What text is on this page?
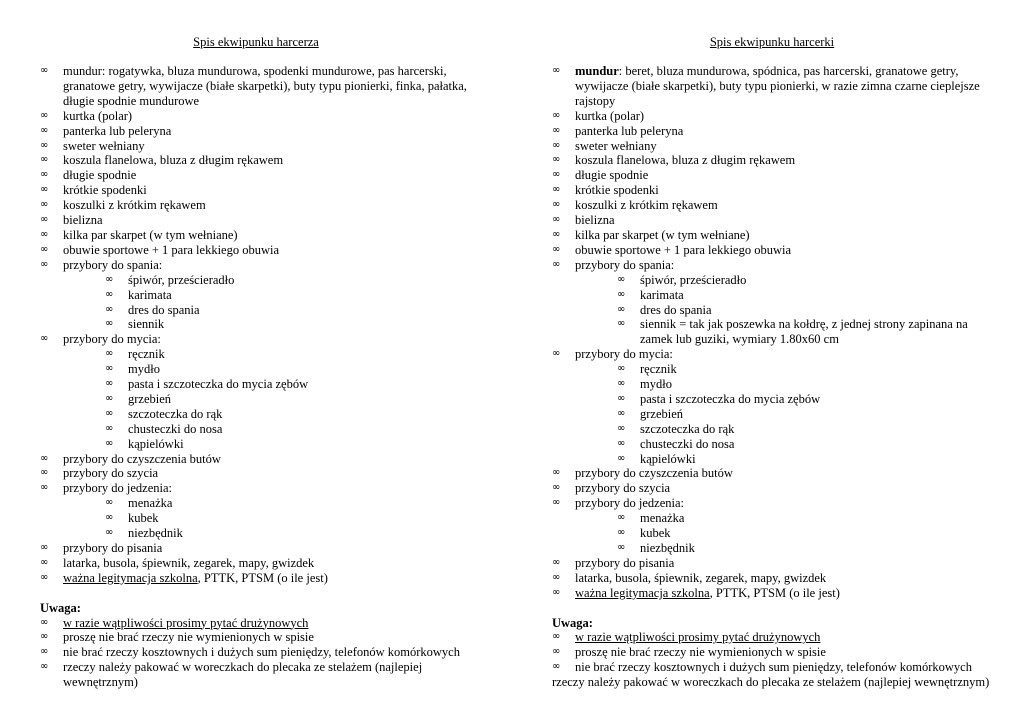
Spis ekwipunku harcerza
∞ mundur: rogatywka, bluza mundurowa, spodenki mundurowe, pas harcerski, granatowe getry, wywijacze (białe skarpetki), buty typu pionierki, finka, pałatka, długie spodnie mundurowe
∞ kurtka (polar)
∞ panterka lub peleryna
∞ sweter wełniany
∞ koszula flanelowa, bluza z długim rękawem
∞ długie spodnie
∞ krótkie spodenki
∞ koszulki z krótkim rękawem
∞ bielizna
∞ kilka par skarpet (w tym wełniane)
∞ obuwie sportowe + 1 para lekkiego obuwia
∞ przybory do spania:
∞ śpiwór, prześcieradło
∞ karimata
∞ dres do spania
∞ siennik
∞ przybory do mycia:
∞ ręcznik
∞ mydło
∞ pasta i szczoteczka do mycia zębów
∞ grzebień
∞ szczoteczka do rąk
∞ chusteczki do nosa
∞ kąpielówki
∞ przybory do czyszczenia butów
∞ przybory do szycia
∞ przybory do jedzenia:
∞ menażka
∞ kubek
∞ niezbędnik
∞ przybory do pisania
∞ latarka, busola, śpiewnik, zegarek, mapy, gwizdek
∞ ważna legitymacja szkolna, PTTK, PTSM (o ile jest)
Uwaga:
∞ w razie wątpliwości prosimy pytać drużynowych
∞ proszę nie brać rzeczy nie wymienionych w spisie
∞ nie brać rzeczy kosztownych i dużych sum pieniędzy, telefonów komórkowych
∞ rzeczy należy pakować w woreczkach do plecaka ze stelażem (najlepiej wewnętrznym)
Spis ekwipunku harcerki
∞ mundur: beret, bluza mundurowa, spódnica, pas harcerski, granatowe getry, wywijacze (białe skarpetki), buty typu pionierki, w razie zimna czarne cieplejsze rajstopy
∞ kurtka (polar)
∞ panterka lub peleryna
∞ sweter wełniany
∞ koszula flanelowa, bluza z długim rękawem
∞ długie spodnie
∞ krótkie spodenki
∞ koszulki z krótkim rękawem
∞ bielizna
∞ kilka par skarpet (w tym wełniane)
∞ obuwie sportowe + 1 para lekkiego obuwia
∞ przybory do spania:
∞ śpiwór, prześcieradło
∞ karimata
∞ dres do spania
∞ siennik = tak jak poszewka na kołdrę, z jednej strony zapinana na zamek lub guziki, wymiary 1.80x60 cm
∞ przybory do mycia:
∞ ręcznik
∞ mydło
∞ pasta i szczoteczka do mycia zębów
∞ grzebień
∞ szczoteczka do rąk
∞ chusteczki do nosa
∞ kąpielówki
∞ przybory do czyszczenia butów
∞ przybory do szycia
∞ przybory do jedzenia:
∞ menażka
∞ kubek
∞ niezbędnik
∞ przybory do pisania
∞ latarka, busola, śpiewnik, zegarek, mapy, gwizdek
∞ ważna legitymacja szkolna, PTTK, PTSM (o ile jest)
Uwaga:
∞ w razie wątpliwości prosimy pytać drużynowych
∞ proszę nie brać rzeczy nie wymienionych w spisie
∞ nie brać rzeczy kosztownych i dużych sum pieniędzy, telefonów komórkowych
rzeczy należy pakować w woreczkach do plecaka ze stelażem (najlepiej wewnętrznym)
